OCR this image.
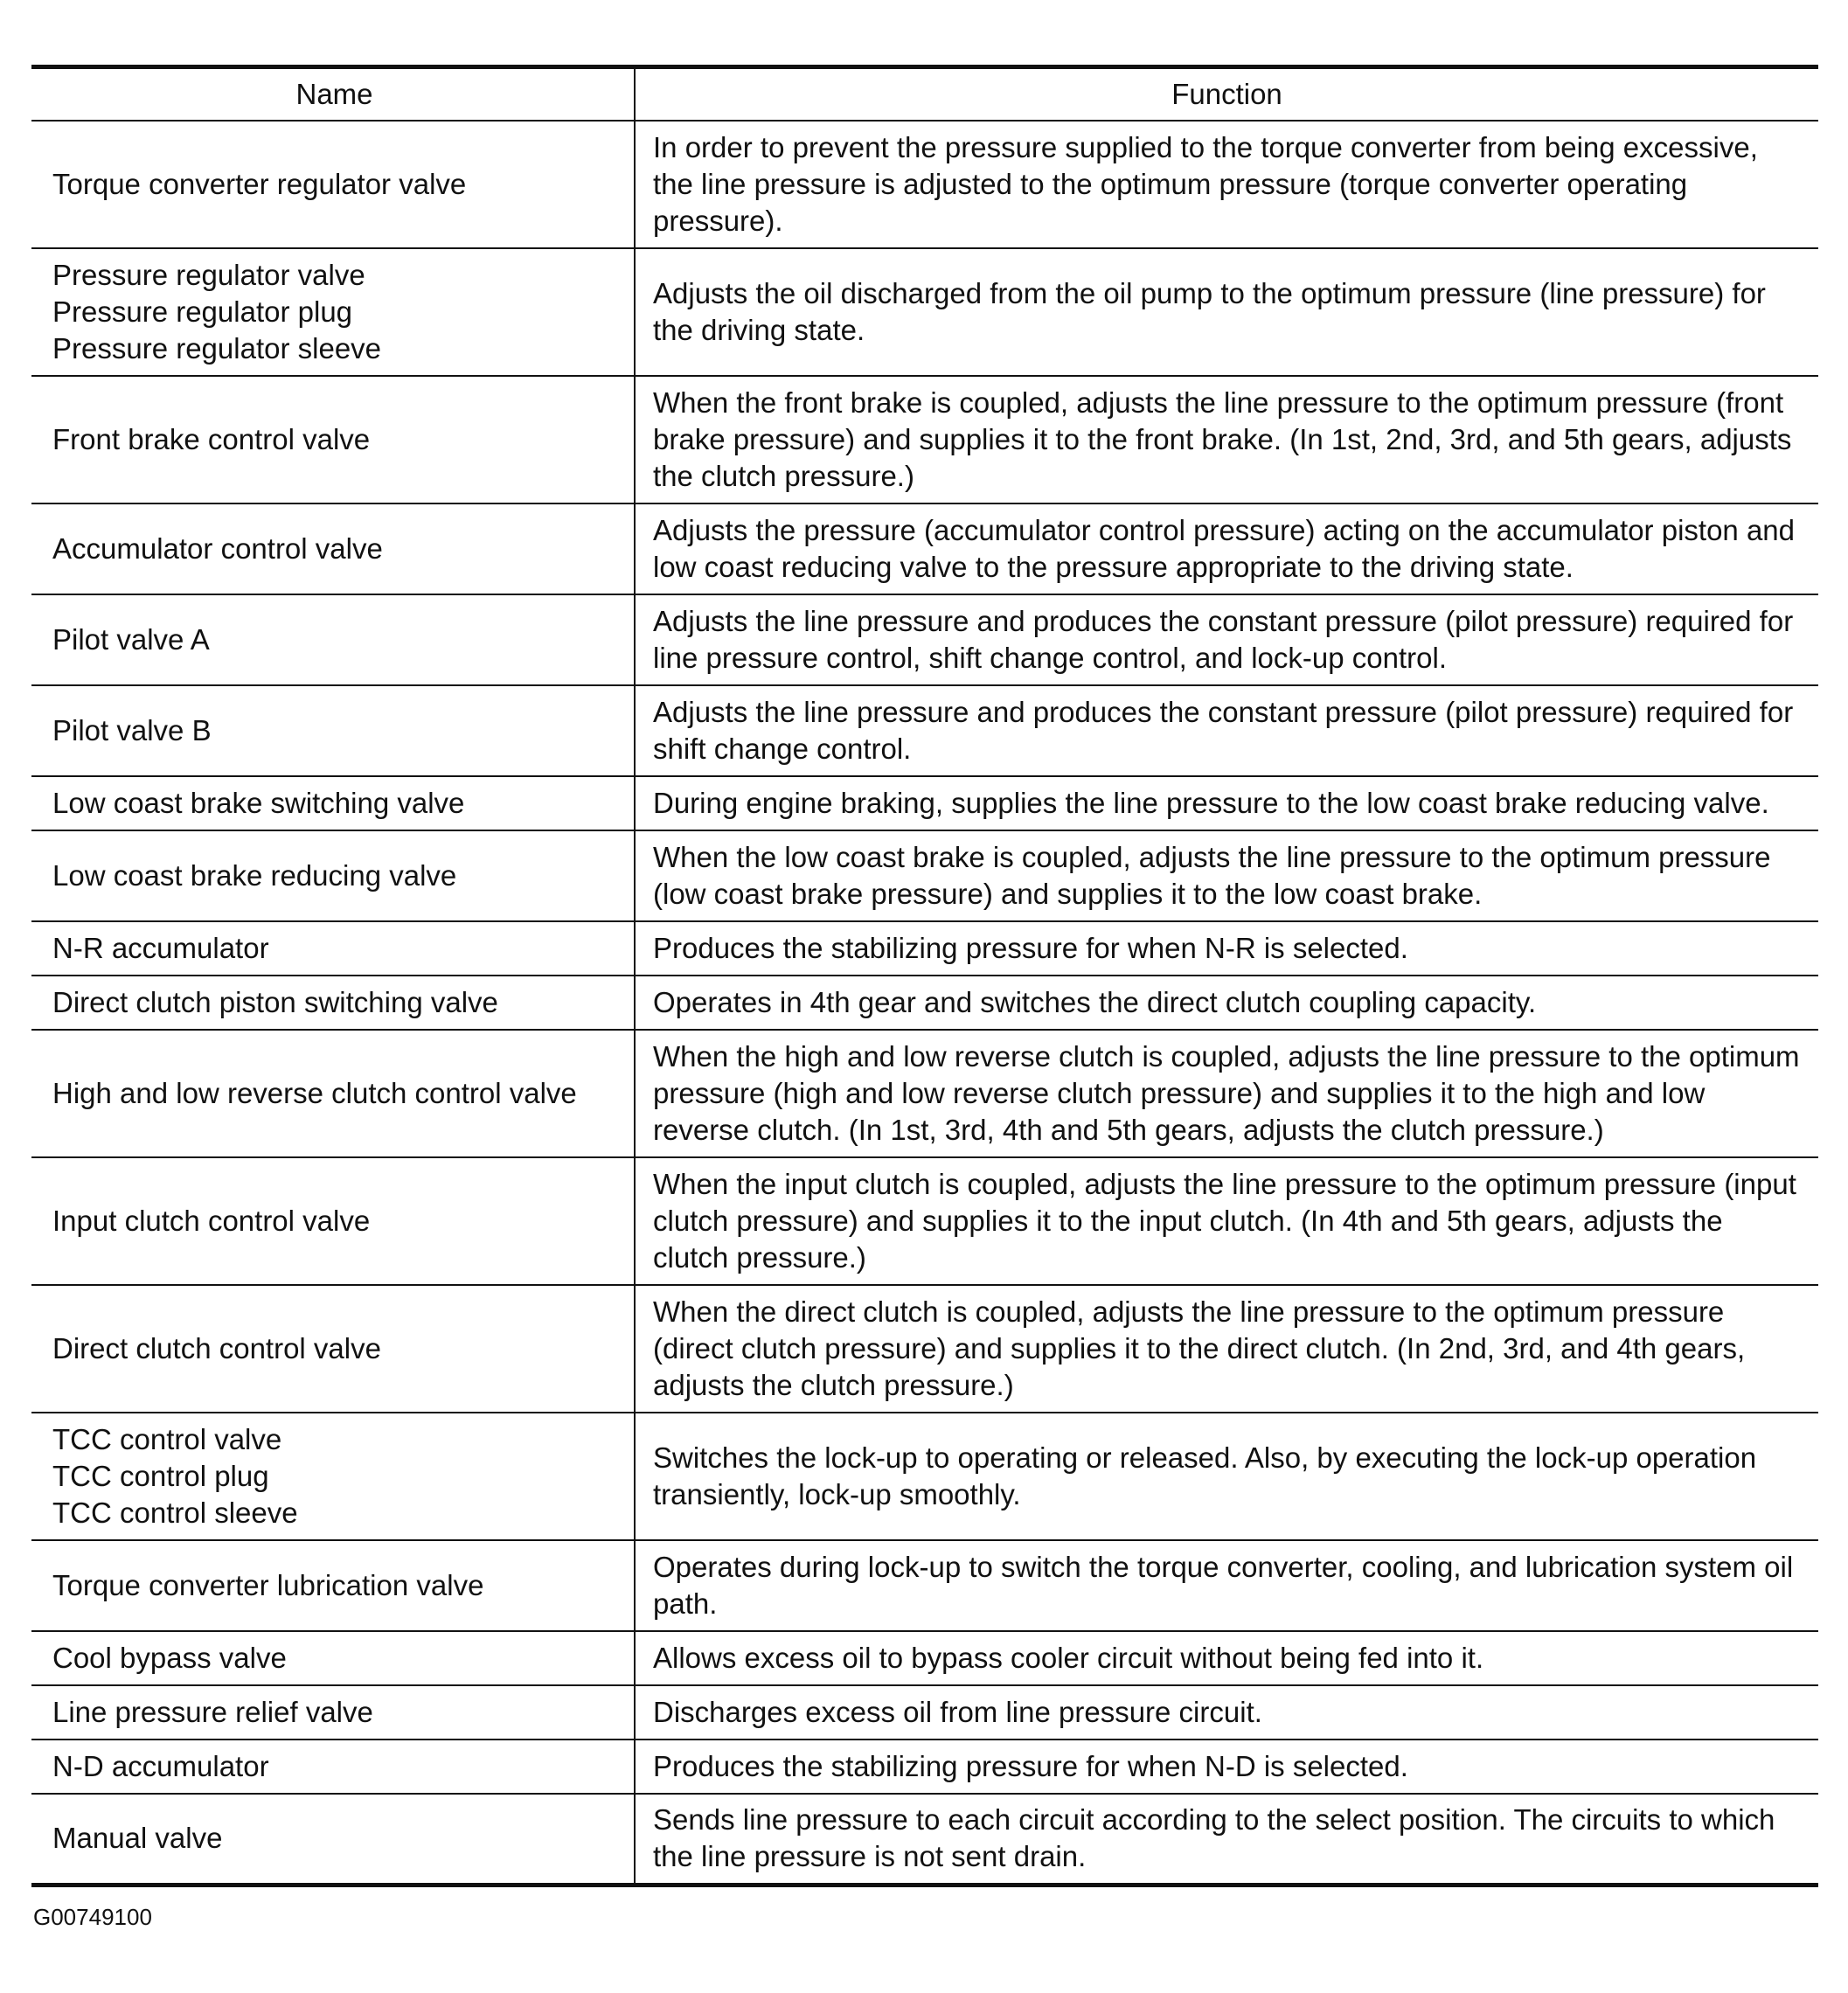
Name	Function
Torque converter regulator valve	In order to prevent the pressure supplied to the torque converter from being excessive, the line pressure is adjusted to the optimum pressure (torque converter operating pressure).
Pressure regulator valve
Pressure regulator plug
Pressure regulator sleeve	Adjusts the oil discharged from the oil pump to the optimum pressure (line pressure) for the driving state.
Front brake control valve	When the front brake is coupled, adjusts the line pressure to the optimum pressure (front brake pressure) and supplies it to the front brake. (In 1st, 2nd, 3rd, and 5th gears, adjusts the clutch pressure.)
Accumulator control valve	Adjusts the pressure (accumulator control pressure) acting on the accumulator piston and low coast reducing valve to the pressure appropriate to the driving state.
Pilot valve A	Adjusts the line pressure and produces the constant pressure (pilot pressure) required for line pressure control, shift change control, and lock-up control.
Pilot valve B	Adjusts the line pressure and produces the constant pressure (pilot pressure) required for shift change control.
Low coast brake switching valve	During engine braking, supplies the line pressure to the low coast brake reducing valve.
Low coast brake reducing valve	When the low coast brake is coupled, adjusts the line pressure to the optimum pressure (low coast brake pressure) and supplies it to the low coast brake.
N-R accumulator	Produces the stabilizing pressure for when N-R is selected.
Direct clutch piston switching valve	Operates in 4th gear and switches the direct clutch coupling capacity.
High and low reverse clutch control valve	When the high and low reverse clutch is coupled, adjusts the line pressure to the optimum pressure (high and low reverse clutch pressure) and supplies it to the high and low reverse clutch. (In 1st, 3rd, 4th and 5th gears, adjusts the clutch pressure.)
Input clutch control valve	When the input clutch is coupled, adjusts the line pressure to the optimum pressure (input clutch pressure) and supplies it to the input clutch. (In 4th and 5th gears, adjusts the clutch pressure.)
Direct clutch control valve	When the direct clutch is coupled, adjusts the line pressure to the optimum pressure (direct clutch pressure) and supplies it to the direct clutch. (In 2nd, 3rd, and 4th gears, adjusts the clutch pressure.)
TCC control valve
TCC control plug
TCC control sleeve	Switches the lock-up to operating or released. Also, by executing the lock-up operation transiently, lock-up smoothly.
Torque converter lubrication valve	Operates during lock-up to switch the torque converter, cooling, and lubrication system oil path.
Cool bypass valve	Allows excess oil to bypass cooler circuit without being fed into it.
Line pressure relief valve	Discharges excess oil from line pressure circuit.
N-D accumulator	Produces the stabilizing pressure for when N-D is selected.
Manual valve	Sends line pressure to each circuit according to the select position. The circuits to which the line pressure is not sent drain.
G00749100
